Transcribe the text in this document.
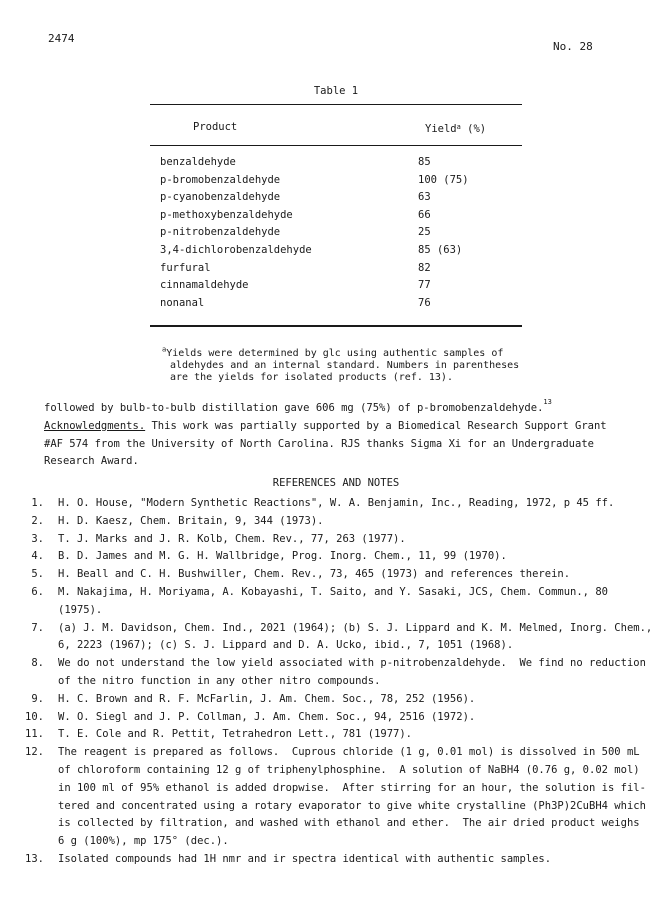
2474
No. 28
Table 1
Product	Yield$^a$ (%)
benzaldehyde	85
p-bromobenzaldehyde	100 (75)
p-cyanobenzaldehyde	63
p-methoxybenzaldehyde	66
p-nitrobenzaldehyde	25
3,4-dichlorobenzaldehyde	85 (63)
furfural	82
cinnamaldehyde	77
nonanal	76
$^a$Yields were determined by glc using authentic samples of
aldehydes and an internal standard. Numbers in parentheses
are the yields for isolated products (ref. 13).
followed by bulb-to-bulb distillation gave 606 mg (75%) of p-bromobenzaldehyde.$^{13}$
Acknowledgments. This work was partially supported by a Biomedical Research Support Grant
#AF 574 from the University of North Carolina. RJS thanks Sigma Xi for an Undergraduate
Research Award.
REFERENCES AND NOTES
1.	H. O. House, "Modern Synthetic Reactions", W. A. Benjamin, Inc., Reading, 1972, p 45 ff.
2.	H. D. Kaesz, Chem. Britain, 9, 344 (1973).
3.	T. J. Marks and J. R. Kolb, Chem. Rev., 77, 263 (1977).
4.	B. D. James and M. G. H. Wallbridge, Prog. Inorg. Chem., 11, 99 (1970).
5.	H. Beall and C. H. Bushwiller, Chem. Rev., 73, 465 (1973) and references therein.
6.	M. Nakajima, H. Moriyama, A. Kobayashi, T. Saito, and Y. Sasaki, JCS, Chem. Commun., 80 (1975).
7.	(a) J. M. Davidson, Chem. Ind., 2021 (1964); (b) S. J. Lippard and K. M. Melmed, Inorg. Chem.,
6, 2223 (1967); (c) S. J. Lippard and D. A. Ucko, ibid., 7, 1051 (1968).
8.	We do not understand the low yield associated with p-nitrobenzaldehyde.  We find no reduction
of the nitro function in any other nitro compounds.
9.	H. C. Brown and R. F. McFarlin, J. Am. Chem. Soc., 78, 252 (1956).
10.	W. O. Siegl and J. P. Collman, J. Am. Chem. Soc., 94, 2516 (1972).
11.	T. E. Cole and R. Pettit, Tetrahedron Lett., 781 (1977).
12.	The reagent is prepared as follows.  Cuprous chloride (1 g, 0.01 mol) is dissolved in 500 mL
of chloroform containing 12 g of triphenylphosphine.  A solution of NaBH4 (0.76 g, 0.02 mol)
in 100 ml of 95% ethanol is added dropwise.  After stirring for an hour, the solution is fil-
tered and concentrated using a rotary evaporator to give white crystalline (Ph3P)2CuBH4 which
is collected by filtration, and washed with ethanol and ether.  The air dried product weighs
6 g (100%), mp 175° (dec.).
13.	Isolated compounds had 1H nmr and ir spectra identical with authentic samples.
